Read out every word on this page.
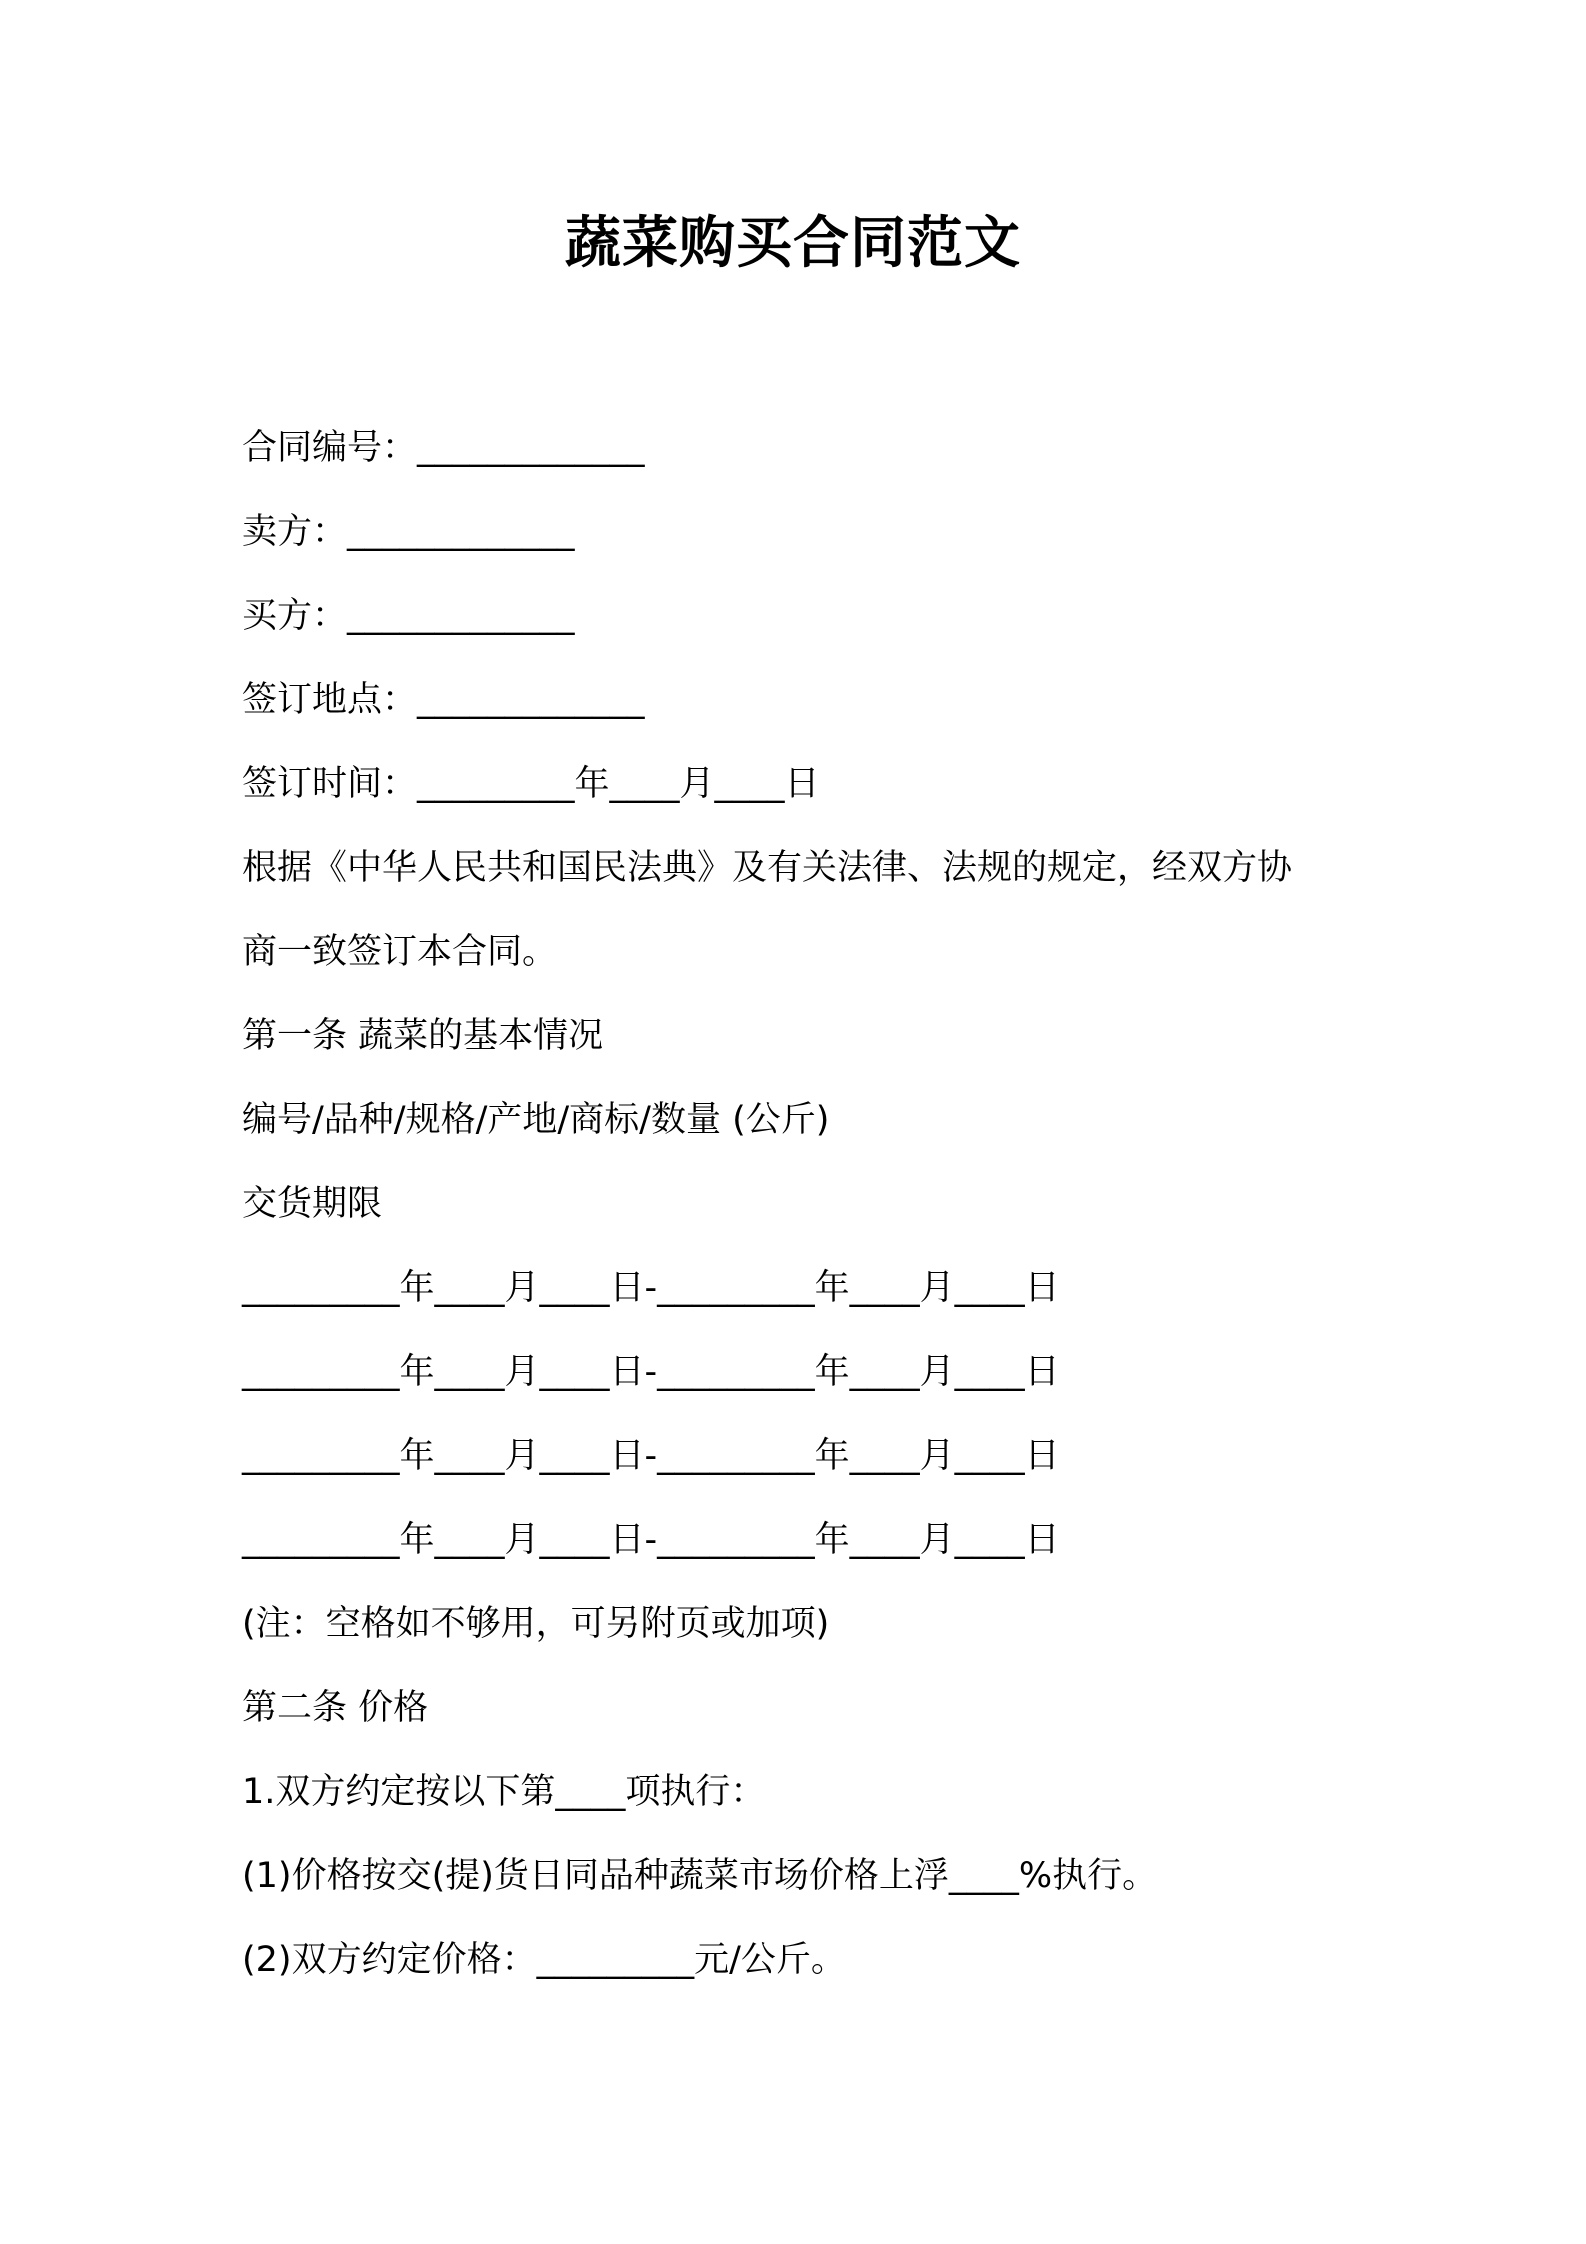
蔬菜购买合同范文
合同编号：_____________
卖方：_____________
买方：_____________
签订地点：_____________
签订时间：_________年____月____日
根据《中华人民共和国民法典》及有关法律、法规的规定，经双方协
商一致签订本合同。
第一条 蔬菜的基本情况
编号/品种/规格/产地/商标/数量 (公斤)
交货期限
_________年____月____日-_________年____月____日
_________年____月____日-_________年____月____日
_________年____月____日-_________年____月____日
_________年____月____日-_________年____月____日
(注：空格如不够用，可另附页或加项)
第二条 价格
1.双方约定按以下第____项执行：
(1)价格按交(提)货日同品种蔬菜市场价格上浮____%执行。
(2)双方约定价格：_________元/公斤。
